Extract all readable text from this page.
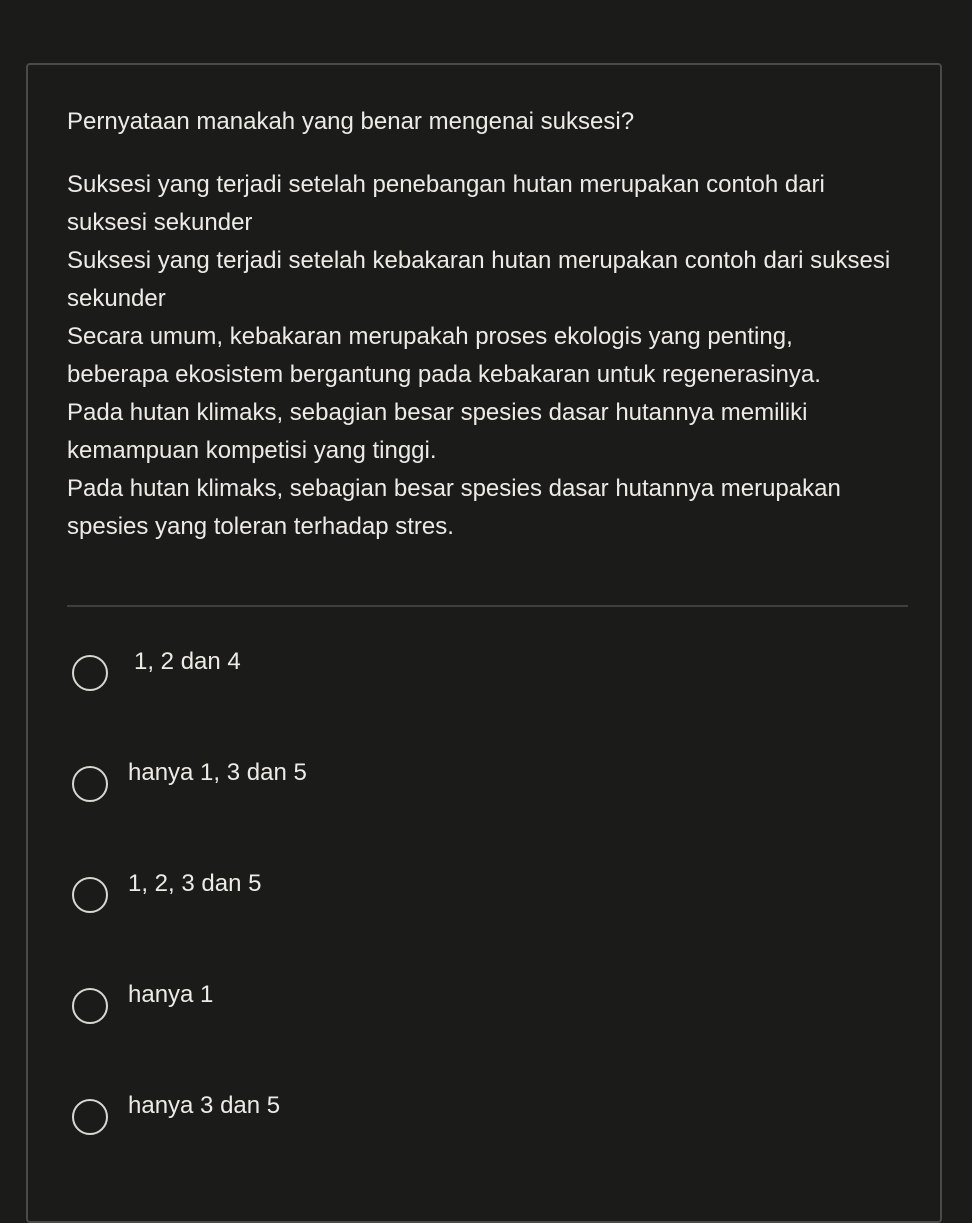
Pernyataan manakah yang benar mengenai suksesi?
Suksesi yang terjadi setelah penebangan hutan merupakan contoh dari suksesi sekunder
Suksesi yang terjadi setelah kebakaran hutan merupakan contoh dari suksesi sekunder
Secara umum, kebakaran merupakah proses ekologis yang penting, beberapa ekosistem bergantung pada kebakaran untuk regenerasinya.
Pada hutan klimaks, sebagian besar spesies dasar hutannya memiliki kemampuan kompetisi yang tinggi.
Pada hutan klimaks, sebagian besar spesies dasar hutannya merupakan spesies yang toleran terhadap stres.
1, 2 dan 4
hanya 1, 3 dan 5
1, 2, 3 dan 5
hanya 1
hanya 3 dan 5
